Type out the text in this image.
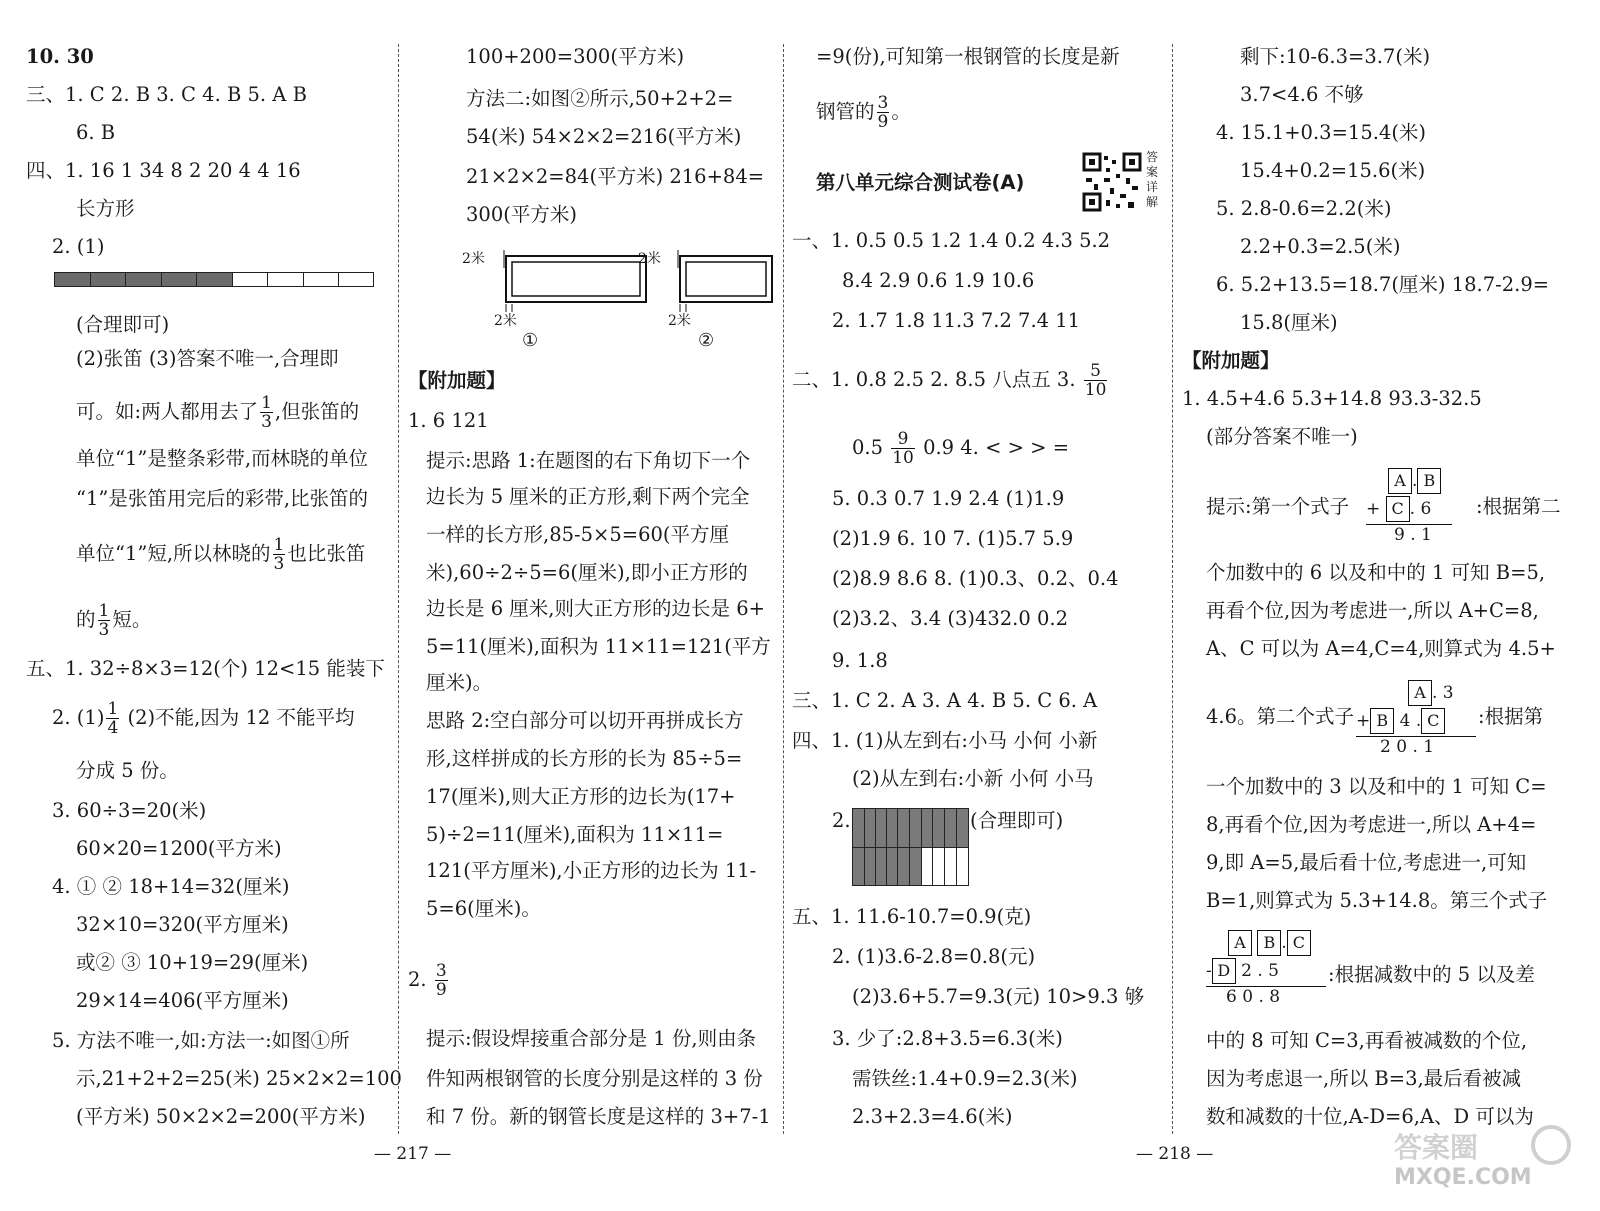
10. 30
三、1. C 2. B 3. C 4. B 5. A B
6. B
四、1. 16 1 34 8 2 20 4 4 16
长方形
2. (1)
(合理即可)
(2)张笛 (3)答案不唯一,合理即
可。如:两人都用去了 $\frac{1}{3}$ ,但张笛的
单位“1”是整条彩带,而林晓的单位
“1”是张笛用完后的彩带,比张笛的
单位“1”短,所以林晓的 $\frac{1}{3}$ 也比张笛
的 $\frac{1}{3}$ 短。
五、1. 32÷8×3=12(个) 12<15 能装下
2. $(1) \frac{1}{4} (2)$不能,因为 12 不能平均
分成 5 份。
3. 60÷3=20(米)
60×20=1200(平方米)
4. ① ② 18+14=32(厘米)
32×10=320(平方厘米)
或② ③ 10+19=29(厘米)
29×14=406(平方厘米)
5. 方法不唯一,如:方法一:如图①所
示,21+2+2=25(米) 25×2×2=100
(平方米) 50×2×2=200(平方米)
100+200=300(平方米)
方法二:如图②所示,50+2+2=
54(米) 54×2×2=216(平方米)
21×2×2=84(平方米) 216+84=
300(平方米)
【附加题】
1. 6 121
提示:思路 1:在题图的右下角切下一个
边长为 5 厘米的正方形,剩下两个完全
一样的长方形,85-5×5=60(平方厘
米),60÷2÷5=6(厘米),即小正方形的
边长是 6 厘米,则大正方形的边长是 6+
5=11(厘米),面积为 11×11=121(平方
厘米)。
思路 2:空白部分可以切开再拼成长方
形,这样拼成的长方形的长为 85÷5=
17(厘米),则大正方形的边长为(17+
5)÷2=11(厘米),面积为 11×11=
121(平方厘米),小正方形的边长为 11-
5=6(厘米)。
2. $\frac{3}{9}$
提示:假设焊接重合部分是 1 份,则由条
件知两根钢管的长度分别是这样的 3 份
和 7 份。新的钢管长度是这样的 3+7-1
2米	2米
2米	2米
①	②
=9(份),可知第一根钢管的长度是新
钢管的 $\frac{3}{9}$ 。
第八单元综合测试卷(A)
一、1. 0.5 0.5 1.2 1.4 0.2 4.3 5.2
8.4 2.9 0.6 1.9 10.6
2. 1.7 1.8 11.3 7.2 7.4 11
二、1. 0.8 2.5 2. 8.5 八点五 3. $\frac{5}{10}$
$0.5 \frac{9}{10} 0.9$ 4. < > > =
5. 0.3 0.7 1.9 2.4 (1)1.9
(2)1.9 6. 10 7. (1)5.7 5.9
(2)8.9 8.6 8. (1)0.3、0.2、0.4
(2)3.2、3.4 (3)432.0 0.2
9. 1.8
三、1. C 2. A 3. A 4. B 5. C 6. A
四、1. (1)从左到右:小马 小何 小新
(2)从左到右:小新 小何 小马
2.	(合理即可)
五、1. 11.6-10.7=0.9(克)
2. (1)3.6-2.8=0.8(元)
(2)3.6+5.7=9.3(元) 10>9.3 够
3. 少了:2.8+3.5=6.3(米)
需铁丝:1.4+0.9=2.3(米)
2.3+2.3=4.6(米)
答案详解
剩下:10-6.3=3.7(米)
3.7<4.6 不够
4. 15.1+0.3=15.4(米)
15.4+0.2=15.6(米)
5. 2.8-0.6=2.2(米)
2.2+0.3=2.5(米)
6. 5.2+13.5=18.7(厘米) 18.7-2.9=
15.8(厘米)
【附加题】
1. 4.5+4.6 5.3+14.8 93.3-32.5
(部分答案不唯一)
提示:第一个式子	:根据第二
个加数中的 6 以及和中的 1 可知 B=5,
再看个位,因为考虑进一,所以 A+C=8,
A、C 可以为 A=4,C=4,则算式为 4.5+
4.6。第二个式子	:根据第
一个加数中的 3 以及和中的 1 可知 C=
8,再看个位,因为考虑进一,所以 A+4=
9,即 A=5,最后看十位,考虑进一,可知
B=1,则算式为 5.3+14.8。第三个式子
:根据减数中的 5 以及差
中的 8 可知 C=3,再看被减数的个位,
因为考虑退一,所以 B=3,最后看被减
数和减数的十位,A-D=6,A、D 可以为
A . B
+ C . 6
9 . 1
A . 3
+ B 4 . C
2 0 . 1
A B . C
- D 2 . 5
6 0 . 8
— 217 —	— 218 —	答案圈
MXQE.COM
